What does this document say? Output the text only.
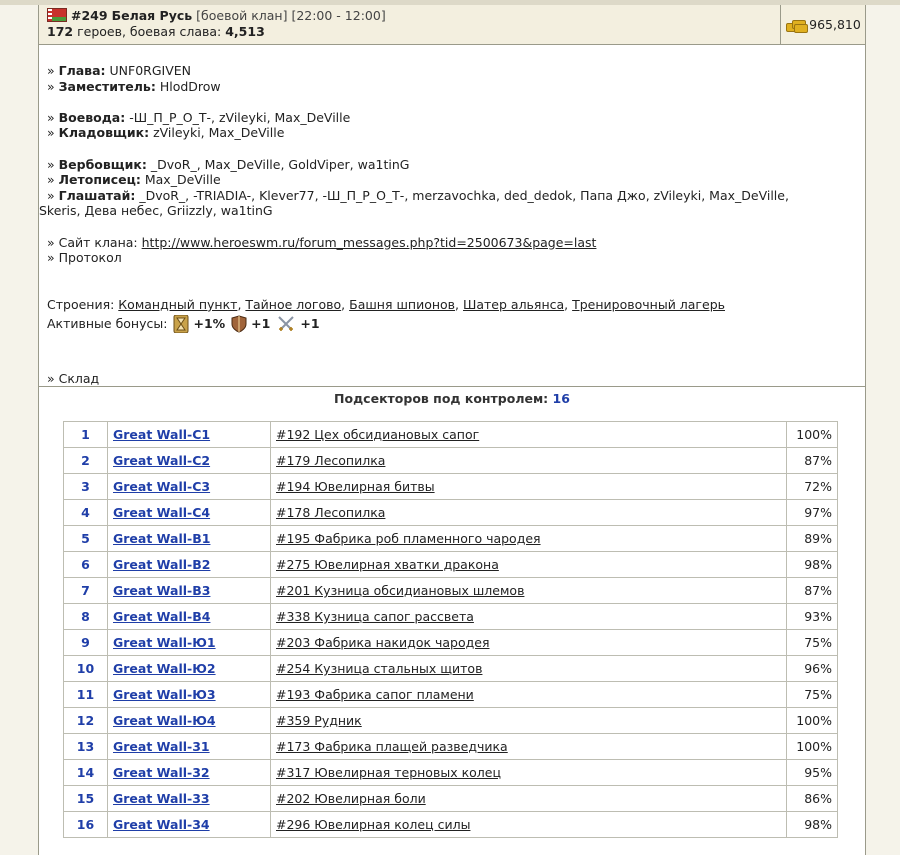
#249 Белая Русь [боевой клан] [22:00 - 12:00]
172 героев, боевая слава: 4,513	965,810
» Глава: UNF0RGIVEN
» Заместитель: HlodDrow
» Воевода: -Ш_П_Р_О_Т-, zVileyki, Max_DeVille
» Кладовщик: zVileyki, Max_DeVille
» Вербовщик: _DvoR_, Max_DeVille, GoldViper, wa1tinG
» Летописец: Max_DeVille
» Глашатай: _DvoR_, -TRIADIA-, Klever77, -Ш_П_Р_О_Т-, merzavochka, ded_dedok, Папа Джо, zVileyki, Max_DeVille,
Skeris, Дева небес, Griizzly, wa1tinG
» Сайт клана: http://www.heroeswm.ru/forum_messages.php?tid=2500673&page=last
» Протокол
Строения: Командный пункт, Тайное логово, Башня шпионов, Шатер альянса, Тренировочный лагерь
Активные бонусы: +1% +1 +1
» Склад
Подсекторов под контролем: 16
1	Great Wall-C1	#192 Цех обсидиановых сапог	100%
2	Great Wall-C2	#179 Лесопилка	87%
3	Great Wall-C3	#194 Ювелирная битвы	72%
4	Great Wall-C4	#178 Лесопилка	97%
5	Great Wall-B1	#195 Фабрика роб пламенного чародея	89%
6	Great Wall-B2	#275 Ювелирная хватки дракона	98%
7	Great Wall-B3	#201 Кузница обсидиановых шлемов	87%
8	Great Wall-B4	#338 Кузница сапог рассвета	93%
9	Great Wall-Ю1	#203 Фабрика накидок чародея	75%
10	Great Wall-Ю2	#254 Кузница стальных щитов	96%
11	Great Wall-Ю3	#193 Фабрика сапог пламени	75%
12	Great Wall-Ю4	#359 Рудник	100%
13	Great Wall-31	#173 Фабрика плащей разведчика	100%
14	Great Wall-32	#317 Ювелирная терновых колец	95%
15	Great Wall-33	#202 Ювелирная боли	86%
16	Great Wall-34	#296 Ювелирная колец силы	98%
